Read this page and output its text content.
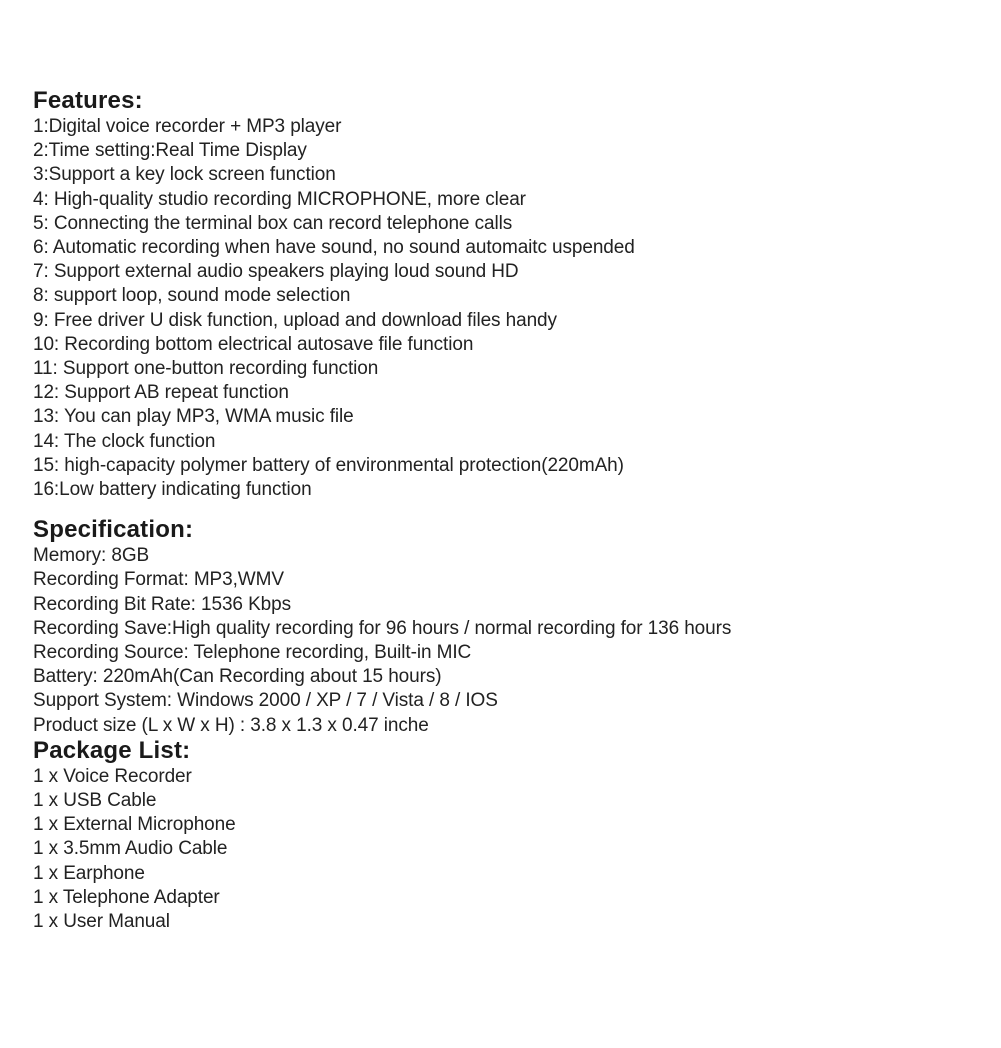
Features:
1:Digital voice recorder + MP3 player
2:Time setting:Real Time Display
3:Support a key lock screen function
4: High-quality studio recording MICROPHONE, more clear
5: Connecting the terminal box can record telephone calls
6: Automatic recording when have sound, no sound automaitc uspended
7: Support external audio speakers playing loud sound HD
8: support loop, sound mode selection
9: Free driver U disk function, upload and download files handy
10: Recording bottom electrical autosave file function
11: Support one-button recording function
12: Support AB repeat function
13: You can play MP3, WMA music file
14: The clock function
15: high-capacity polymer battery of environmental protection(220mAh)
16:Low battery indicating function
Specification:
Memory: 8GB
Recording Format: MP3,WMV
Recording Bit Rate: 1536 Kbps
Recording Save:High quality recording for 96 hours / normal recording for 136 hours
Recording Source: Telephone recording, Built-in MIC
Battery: 220mAh(Can Recording about 15 hours)
Support System: Windows 2000 / XP / 7 / Vista / 8 / IOS
Product size (L x W x H) : 3.8 x 1.3 x 0.47 inche
Package List:
1 x Voice Recorder
1 x USB Cable
1 x External Microphone
1 x 3.5mm Audio Cable
1 x Earphone
1 x Telephone Adapter
1 x User Manual
